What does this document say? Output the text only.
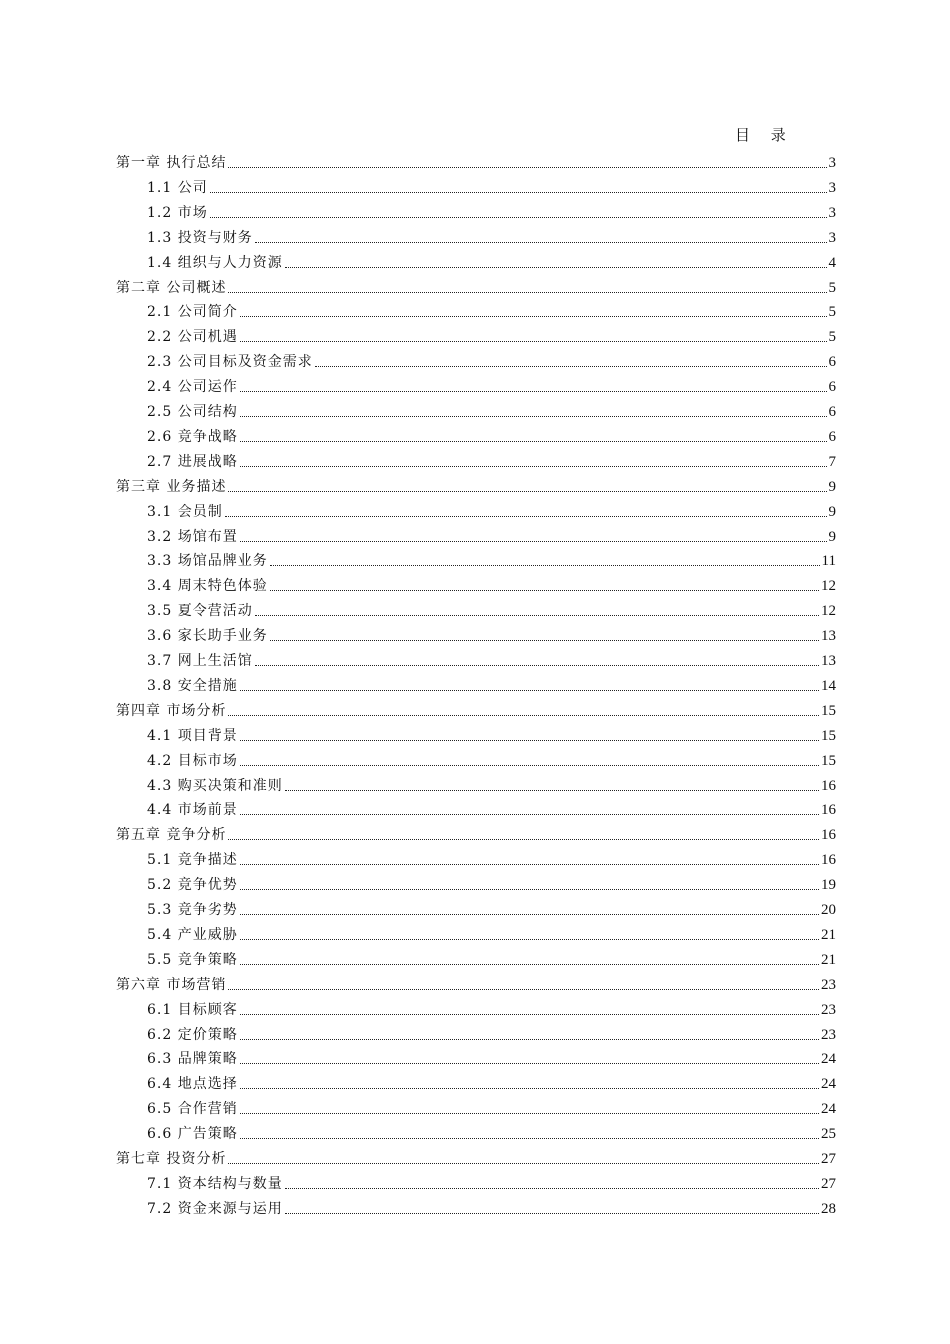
目 录
第一章 执行总结	3
1.1 公司	3
1.2 市场	3
1.3 投资与财务	3
1.4 组织与人力资源	4
第二章 公司概述	5
2.1 公司简介	5
2.2 公司机遇	5
2.3 公司目标及资金需求	6
2.4 公司运作	6
2.5 公司结构	6
2.6 竞争战略	6
2.7 进展战略	7
第三章 业务描述	9
3.1 会员制	9
3.2 场馆布置	9
3.3 场馆品牌业务	11
3.4 周末特色体验	12
3.5 夏令营活动	12
3.6 家长助手业务	13
3.7 网上生活馆	13
3.8 安全措施	14
第四章 市场分析	15
4.1 项目背景	15
4.2 目标市场	15
4.3 购买决策和准则	16
4.4 市场前景	16
第五章 竞争分析	16
5.1 竞争描述	16
5.2 竞争优势	19
5.3 竞争劣势	20
5.4 产业威胁	21
5.5 竞争策略	21
第六章 市场营销	23
6.1 目标顾客	23
6.2 定价策略	23
6.3 品牌策略	24
6.4 地点选择	24
6.5 合作营销	24
6.6 广告策略	25
第七章 投资分析	27
7.1 资本结构与数量	27
7.2 资金来源与运用	28
